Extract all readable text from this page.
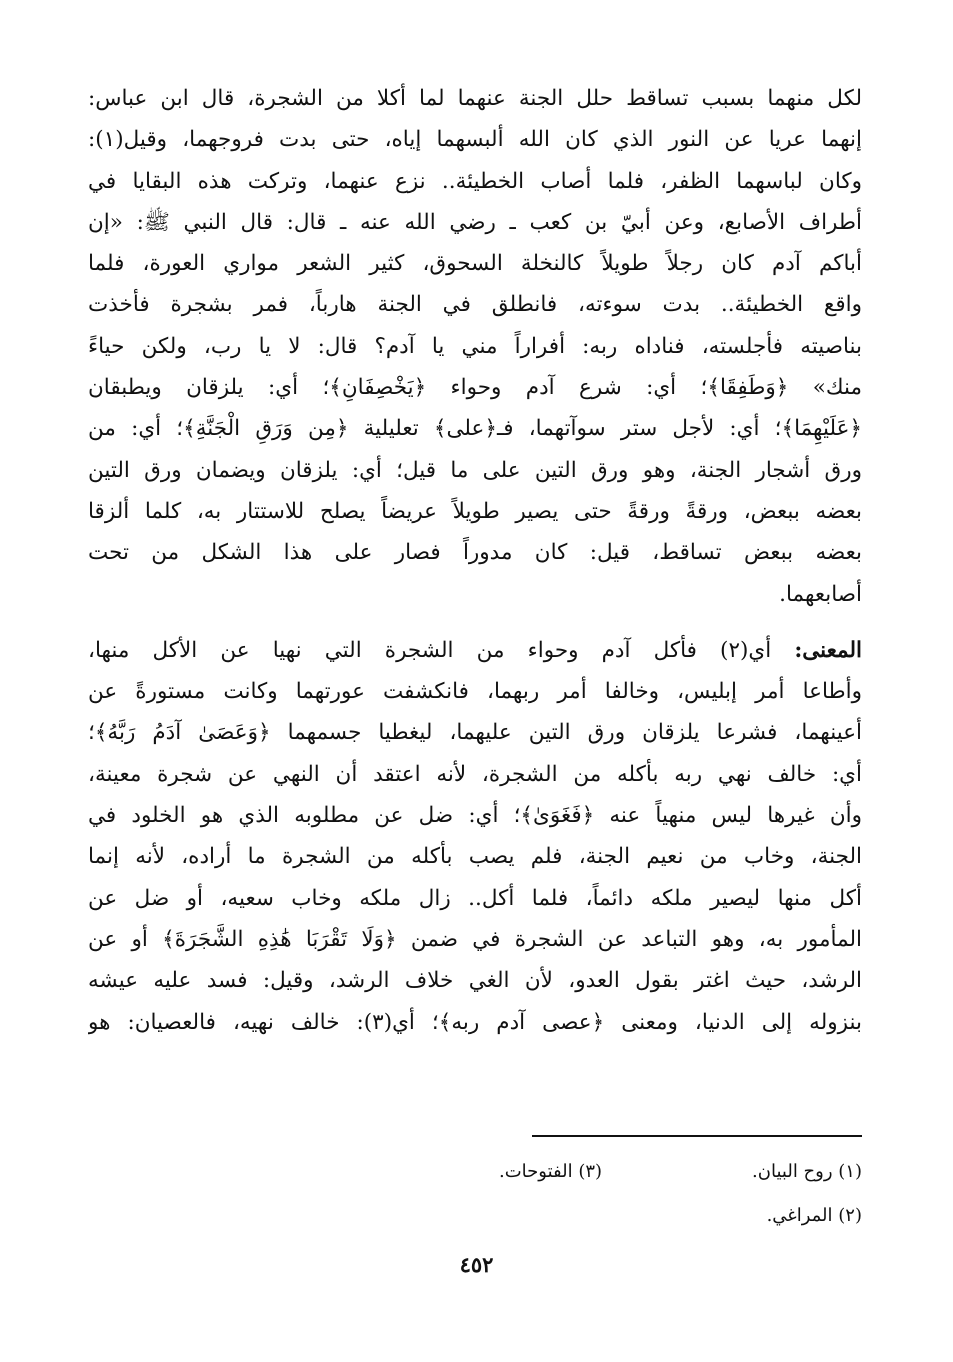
لكل منهما بسبب تساقط حلل الجنة عنهما لما أكلا من الشجرة، قال ابن عباس:
إنهما عريا عن النور الذي كان الله ألبسهما إياه، حتى بدت فروجهما، وقيل(١):
وكان لباسهما الظفر، فلما أصاب الخطيئة.. نزع عنهما، وتركت هذه البقايا في
أطراف الأصابع، وعن أبيّ بن كعب ـ رضي الله عنه ـ قال: قال النبي ﷺ: «إن
أباكم آدم كان رجلاً طويلاً كالنخلة السحوق، كثير الشعر مواري العورة، فلما
واقع الخطيئة.. بدت سوءته، فانطلق في الجنة هارباً، فمر بشجرة فأخذت
بناصيته فأجلسته، فناداه ربه: أفراراً مني يا آدم؟ قال: لا يا رب، ولكن حياءً
منك» ﴿وَطَفِقَا﴾؛ أي: شرع آدم وحواء ﴿يَخْصِفَانِ﴾؛ أي: يلزقان ويطبقان
﴿عَلَيْهِمَا﴾؛ أي: لأجل ستر سوآتهما، فـ﴿على﴾ تعليلية ﴿مِن وَرَقِ الْجَنَّةِ﴾؛ أي: من
ورق أشجار الجنة، وهو ورق التين على ما قيل؛ أي: يلزقان ويضمان ورق التين
بعضه ببعض، ورقةً ورقةً حتى يصير طويلاً عريضاً يصلح للاستتار به، كلما ألزقا
بعضه ببعض تساقط، قيل: كان مدوراً فصار على هذا الشكل من تحت
أصابعهما.
المعنى: أي(٢) فأكل آدم وحواء من الشجرة التي نهيا عن الأكل منها،
وأطاعا أمر إبليس، وخالفا أمر ربهما، فانكشفت عورتهما وكانت مستورةً عن
أعينهما، فشرعا يلزقان ورق التين عليهما، ليغطيا جسمهما ﴿وَعَصَىٰ آدَمُ رَبَّهُ﴾؛
أي: خالف نهي ربه بأكله من الشجرة، لأنه اعتقد أن النهي عن شجرة معينة،
وأن غيرها ليس منهياً عنه ﴿فَغَوَىٰ﴾؛ أي: ضل عن مطلوبه الذي هو الخلود في
الجنة، وخاب من نعيم الجنة، فلم يصب بأكله من الشجرة ما أراده، لأنه إنما
أكل منها ليصير ملكه دائماً، فلما أكل.. زال ملكه وخاب سعيه، أو ضل عن
المأمور به، وهو التباعد عن الشجرة في ضمن ﴿وَلَا تَقْرَبَا هَٰذِهِ الشَّجَرَةَ﴾ أو عن
الرشد، حيث اغتر بقول العدو، لأن الغي خلاف الرشد، وقيل: فسد عليه عيشه
بنزوله إلى الدنيا، ومعنى ﴿عصى آدم ربه﴾؛ أي(٣): خالف نهيه، فالعصيان: هو
(١) روح البيان.
(٣) الفتوحات.
(٢) المراغي.
٤٥٢
